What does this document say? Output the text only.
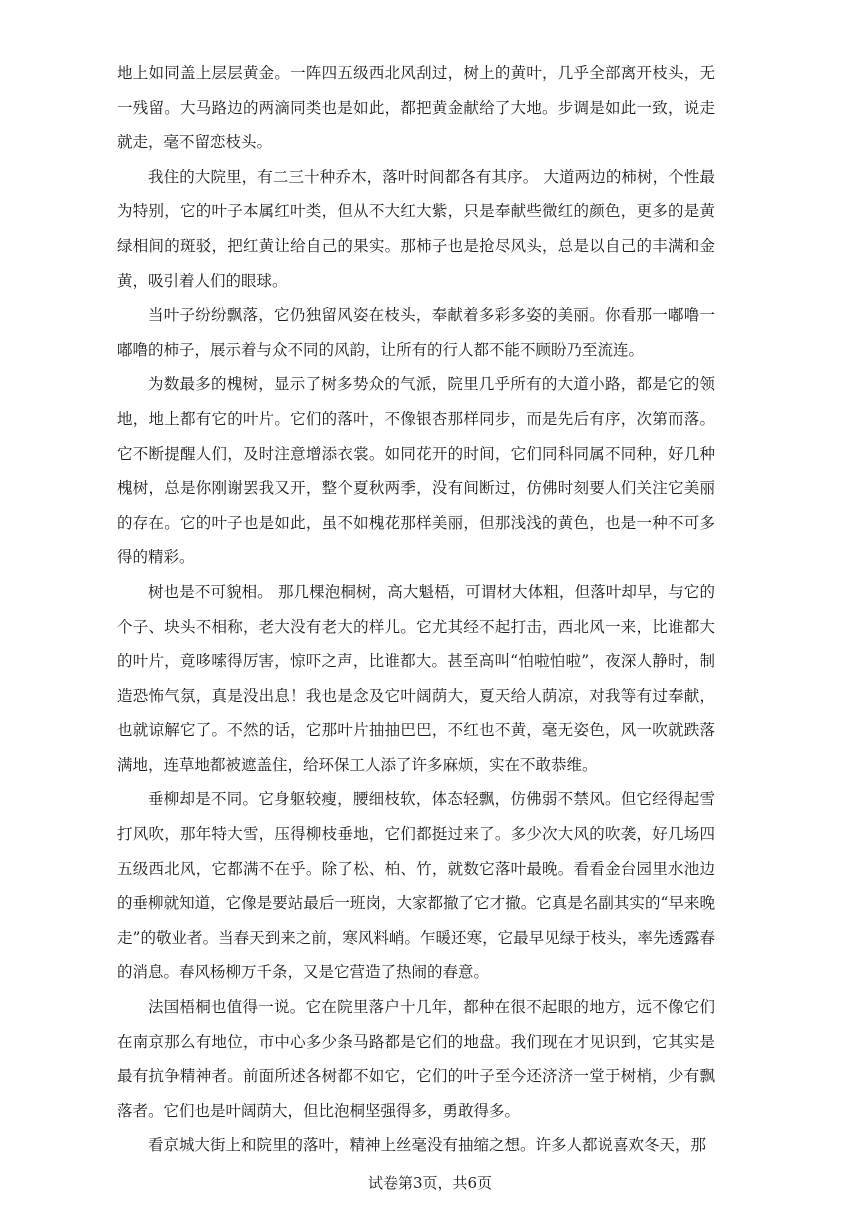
地上如同盖上层层黄金。一阵四五级西北风刮过，树上的黄叶，几乎全部离开枝头，无一残留。大马路边的两滴同类也是如此，都把黄金献给了大地。步调是如此一致，说走就走，毫不留恋枝头。

我住的大院里，有二三十种乔木，落叶时间都各有其序。 大道两边的柿树，个性最为特别，它的叶子本属红叶类，但从不大红大紫，只是奉献些微红的颜色，更多的是黄绿相间的斑驳，把红黄让给自己的果实。那柿子也是抢尽风头，总是以自己的丰满和金黄，吸引着人们的眼球。

当叶子纷纷飘落，它仍独留风姿在枝头，奉献着多彩多姿的美丽。你看那一嘟噜一嘟噜的柿子，展示着与众不同的风韵，让所有的行人都不能不顾盼乃至流连。

为数最多的槐树，显示了树多势众的气派，院里几乎所有的大道小路，都是它的领地，地上都有它的叶片。它们的落叶，不像银杏那样同步，而是先后有序，次第而落。它不断提醒人们，及时注意增添衣裳。如同花开的时间，它们同科同属不同种，好几种槐树，总是你刚谢罢我又开，整个夏秋两季，没有间断过，仿佛时刻要人们关注它美丽的存在。它的叶子也是如此，虽不如槐花那样美丽，但那浅浅的黄色，也是一种不可多得的精彩。

树也是不可貌相。 那几棵泡桐树，高大魁梧，可谓材大体粗，但落叶却早，与它的个子、块头不相称，老大没有老大的样儿。它尤其经不起打击，西北风一来，比谁都大的叶片，竟哆嗦得厉害，惊吓之声，比谁都大。甚至高叫“怕啦怕啦”，夜深人静时，制造恐怖气氛，真是没出息！我也是念及它叶阔荫大，夏天给人荫凉，对我等有过奉献，也就谅解它了。不然的话，它那叶片抽抽巴巴，不红也不黄，毫无姿色，风一吹就跌落满地，连草地都被遮盖住，给环保工人添了许多麻烦，实在不敢恭维。

垂柳却是不同。它身躯较瘦，腰细枝软，体态轻飘，仿佛弱不禁风。但它经得起雪打风吹，那年特大雪，压得柳枝垂地，它们都挺过来了。多少次大风的吹袭，好几场四五级西北风，它都满不在乎。除了松、柏、竹，就数它落叶最晚。看看金台园里水池边的垂柳就知道，它像是要站最后一班岗，大家都撤了它才撤。它真是名副其实的“早来晚走”的敬业者。当春天到来之前，寒风料峭。乍暖还寒，它最早见绿于枝头，率先透露春的消息。春风杨柳万千条，又是它营造了热闹的春意。

法国梧桐也值得一说。它在院里落户十几年，都种在很不起眼的地方，远不像它们在南京那么有地位，市中心多少条马路都是它们的地盘。我们现在才见识到，它其实是最有抗争精神者。前面所述各树都不如它，它们的叶子至今还济济一堂于树梢，少有飘落者。它们也是叶阔荫大，但比泡桐坚强得多，勇敢得多。

看京城大街上和院里的落叶，精神上丝毫没有抽缩之想。许多人都说喜欢冬天，那

试卷第3页，共6页
